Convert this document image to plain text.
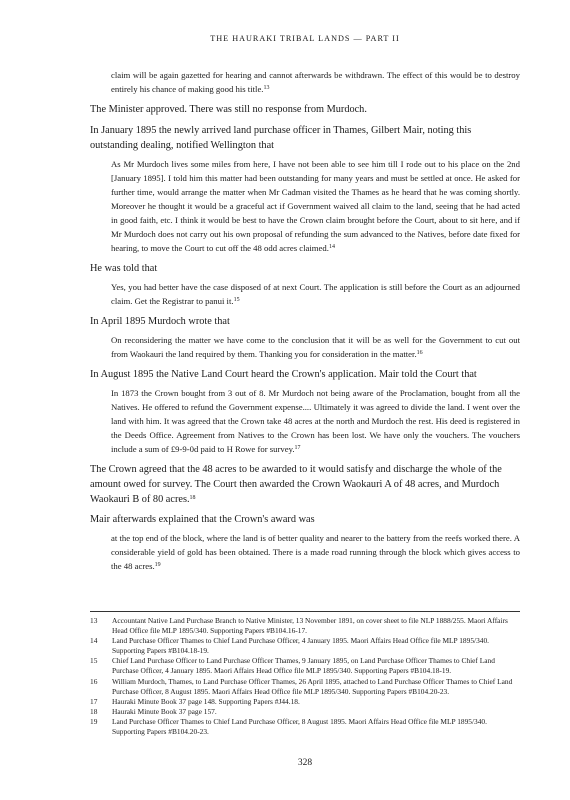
THE HAURAKI TRIBAL LANDS — PART II

claim will be again gazetted for hearing and cannot afterwards be withdrawn. The effect of this would be to destroy entirely his chance of making good his title.$^{13}$

The Minister approved. There was still no response from Murdoch.

In January 1895 the newly arrived land purchase officer in Thames, Gilbert Mair, noting this outstanding dealing, notified Wellington that

As Mr Murdoch lives some miles from here, I have not been able to see him till I rode out to his place on the 2nd [January 1895]. I told him this matter had been outstanding for many years and must be settled at once. He asked for further time, would arrange the matter when Mr Cadman visited the Thames as he heard that he was coming shortly. Moreover he thought it would be a graceful act if Government waived all claim to the land, seeing that he had acted in good faith, etc. I think it would be best to have the Crown claim brought before the Court, about to sit here, and if Mr Murdoch does not carry out his own proposal of refunding the sum advanced to the Natives, before date fixed for hearing, to move the Court to cut off the 48 odd acres claimed.$^{14}$

He was told that

Yes, you had better have the case disposed of at next Court. The application is still before the Court as an adjourned claim. Get the Registrar to panui it.$^{15}$

In April 1895 Murdoch wrote that

On reconsidering the matter we have come to the conclusion that it will be as well for the Government to cut out from Waokauri the land required by them. Thanking you for consideration in the matter.$^{16}$

In August 1895 the Native Land Court heard the Crown's application. Mair told the Court that

In 1873 the Crown bought from 3 out of 8. Mr Murdoch not being aware of the Proclamation, bought from all the Natives. He offered to refund the Government expense.... Ultimately it was agreed to divide the land. I went over the land with him. It was agreed that the Crown take 48 acres at the north and Murdoch the rest. His deed is registered in the Deeds Office. Agreement from Natives to the Crown has been lost. We have only the vouchers. The vouchers include a sum of £9-9-0d paid to H Rowe for survey.$^{17}$

The Crown agreed that the 48 acres to be awarded to it would satisfy and discharge the whole of the amount owed for survey. The Court then awarded the Crown Waokauri A of 48 acres, and Murdoch Waokauri B of 80 acres.$^{18}$

Mair afterwards explained that the Crown's award was

at the top end of the block, where the land is of better quality and nearer to the battery from the reefs worked there. A considerable yield of gold has been obtained. There is a made road running through the block which gives access to the 48 acres.$^{19}$

13	Accountant Native Land Purchase Branch to Native Minister, 13 November 1891, on cover sheet to file NLP 1888/255. Maori Affairs Head Office file MLP 1895/340. Supporting Papers #B104.16-17.
14	Land Purchase Officer Thames to Chief Land Purchase Officer, 4 January 1895. Maori Affairs Head Office file MLP 1895/340. Supporting Papers #B104.18-19.
15	Chief Land Purchase Officer to Land Purchase Officer Thames, 9 January 1895, on Land Purchase Officer Thames to Chief Land Purchase Officer, 4 January 1895. Maori Affairs Head Office file MLP 1895/340. Supporting Papers #B104.18-19.
16	William Murdoch, Thames, to Land Purchase Officer Thames, 26 April 1895, attached to Land Purchase Officer Thames to Chief Land Purchase Officer, 8 August 1895. Maori Affairs Head Office file MLP 1895/340. Supporting Papers #B104.20-23.
17	Hauraki Minute Book 37 page 148. Supporting Papers #J44.18.
18	Hauraki Minute Book 37 page 157.
19	Land Purchase Officer Thames to Chief Land Purchase Officer, 8 August 1895. Maori Affairs Head Office file MLP 1895/340. Supporting Papers #B104.20-23.
328
